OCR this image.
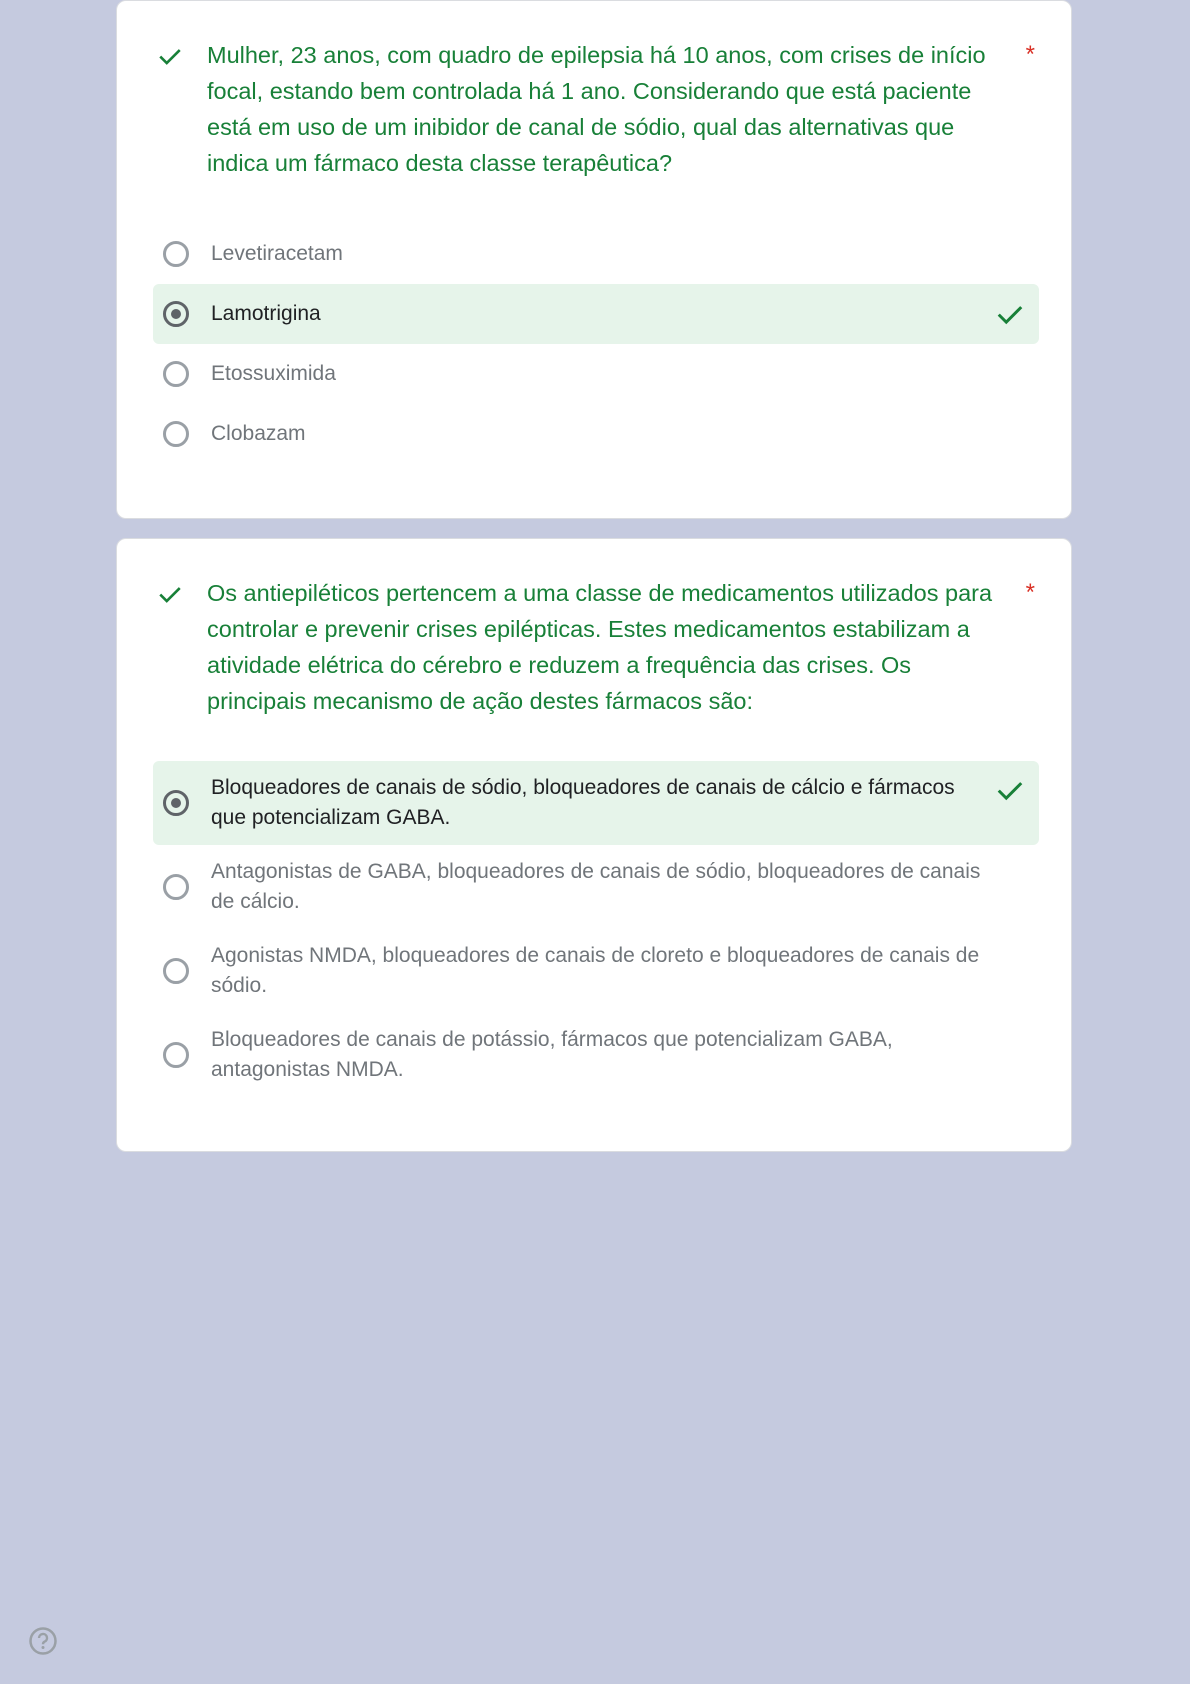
Mulher, 23 anos, com quadro de epilepsia há 10 anos, com crises de início
focal, estando bem controlada há 1 ano. Considerando que está paciente
está em uso de um inibidor de canal de sódio, qual das alternativas que
indica um fármaco desta classe terapêutica?
*
Levetiracetam
Lamotrigina
Etossuximida
Clobazam
Os antiepiléticos pertencem a uma classe de medicamentos utilizados para
controlar e prevenir crises epilépticas. Estes medicamentos estabilizam a
atividade elétrica do cérebro e reduzem a frequência das crises. Os
principais mecanismo de ação destes fármacos são:
*
Bloqueadores de canais de sódio, bloqueadores de canais de cálcio e fármacos
que potencializam GABA.
Antagonistas de GABA, bloqueadores de canais de sódio, bloqueadores de canais
de cálcio.
Agonistas NMDA, bloqueadores de canais de cloreto e bloqueadores de canais de
sódio.
Bloqueadores de canais de potássio, fármacos que potencializam GABA,
antagonistas NMDA.
